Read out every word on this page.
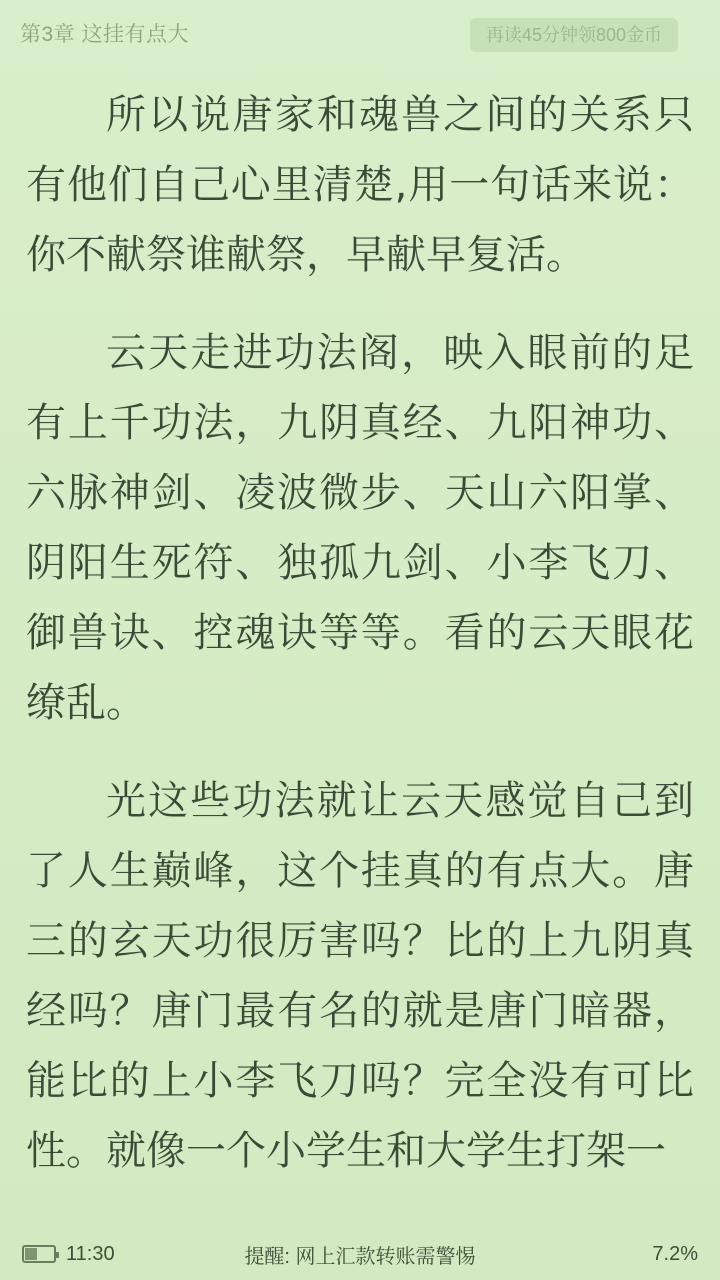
第3章 这挂有点大	再读45分钟领800金币

所以说唐家和魂兽之间的关系只有他们自己心里清楚,用一句话来说：你不献祭谁献祭，早献早复活。

云天走进功法阁，映入眼前的足有上千功法，九阴真经、九阳神功、六脉神剑、凌波微步、天山六阳掌、阴阳生死符、独孤九剑、小李飞刀、御兽诀、控魂诀等等。看的云天眼花缭乱。

光这些功法就让云天感觉自己到了人生巅峰，这个挂真的有点大。唐三的玄天功很厉害吗？比的上九阴真经吗？唐门最有名的就是唐门暗器，能比的上小李飞刀吗？完全没有可比性。就像一个小学生和大学生打架一

11:30	提醒: 网上汇款转账需警惕	7.2%
